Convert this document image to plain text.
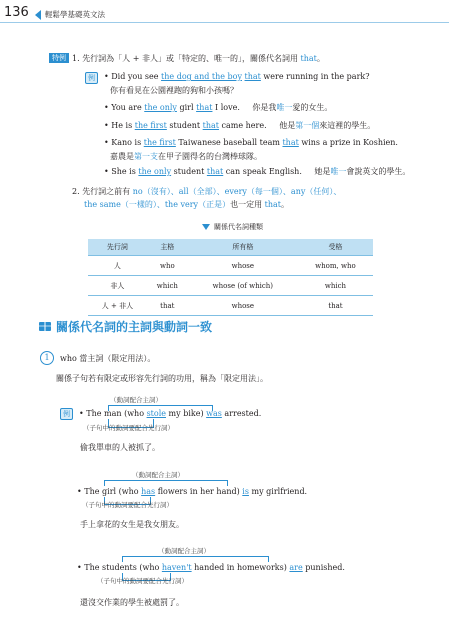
136 輕鬆學基礎英文法
特例 1. 先行詞為「人 + 非人」或「特定的、唯一的」，關係代名詞用 that。
例	• Did you see the dog and the boy that were running in the park?
你有看見在公園裡跑的狗和小孩嗎？
• You are the only girl that I love. 你是我唯一愛的女生。
• He is the first student that came here. 他是第一個來這裡的學生。
• Kano is the first Taiwanese baseball team that wins a prize in Koshien.
嘉農是第一支在甲子園得名的台灣棒球隊。
• She is the only student that can speak English. 她是唯一會說英文的學生。
2. 先行詞之前有 no（沒有）、all（全部）、every（每一個）、any（任何）、
the same（一樣的）、the very（正是）也一定用 that。
關係代名詞種類
先行詞	主格	所有格	受格
人	who	whose	whom, who
非人	which	whose (of which)	which
人 + 非人	that	whose	that
關係代名詞的主詞與動詞一致
1	who 當主詞（限定用法）。
關係子句若有限定或形容先行詞的功用，稱為「限定用法」。
（動詞配合主詞）
例	• The man (who stole my bike) was arrested.
（子句中的動詞要配合先行詞）
偷我單車的人被抓了。
（動詞配合主詞）
• The girl (who has flowers in her hand) is my girlfriend.
（子句中的動詞要配合先行詞）
手上拿花的女生是我女朋友。
（動詞配合主詞）
• The students (who haven't handed in homeworks) are punished.
（子句中的動詞要配合先行詞）
還沒交作業的學生被處罰了。
